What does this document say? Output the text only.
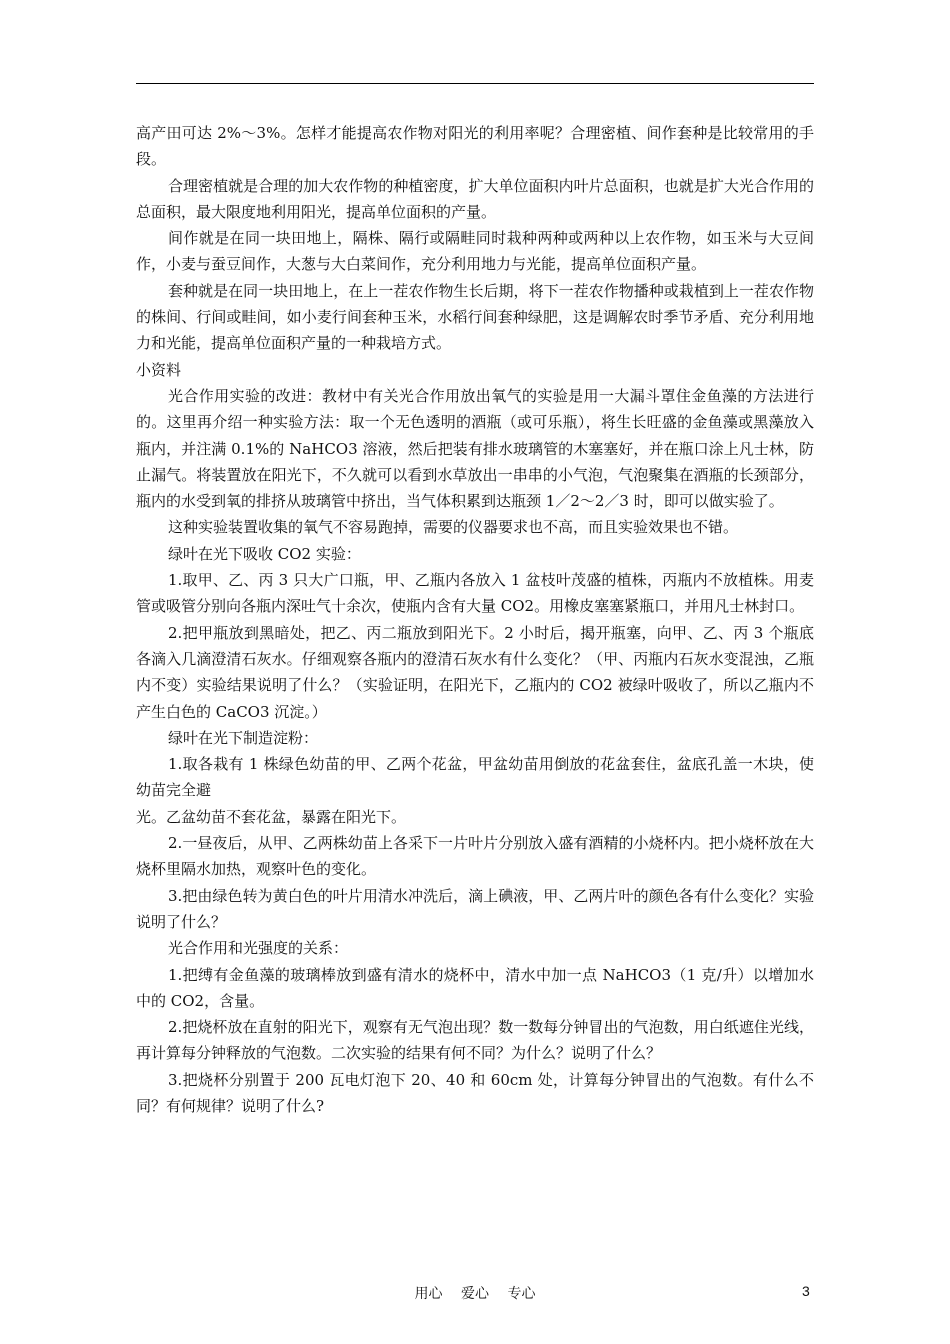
高产田可达 2%～3%。怎样才能提高农作物对阳光的利用率呢？合理密植、间作套种是比较常用的手段。

合理密植就是合理的加大农作物的种植密度，扩大单位面积内叶片总面积，也就是扩大光合作用的总面积，最大限度地利用阳光，提高单位面积的产量。

间作就是在同一块田地上，隔株、隔行或隔畦同时栽种两种或两种以上农作物，如玉米与大豆间作，小麦与蚕豆间作，大葱与大白菜间作，充分利用地力与光能，提高单位面积产量。

套种就是在同一块田地上，在上一茬农作物生长后期，将下一茬农作物播种或栽植到上一茬农作物的株间、行间或畦间，如小麦行间套种玉米，水稻行间套种绿肥，这是调解农时季节矛盾、充分利用地力和光能，提高单位面积产量的一种栽培方式。

小资料

光合作用实验的改进：教材中有关光合作用放出氧气的实验是用一大漏斗罩住金鱼藻的方法进行的。这里再介绍一种实验方法：取一个无色透明的酒瓶（或可乐瓶），将生长旺盛的金鱼藻或黑藻放入瓶内，并注满 0.1%的 NaHCO3 溶液，然后把装有排水玻璃管的木塞塞好，并在瓶口涂上凡士林，防止漏气。将装置放在阳光下，不久就可以看到水草放出一串串的小气泡，气泡聚集在酒瓶的长颈部分，瓶内的水受到氧的排挤从玻璃管中挤出，当气体积累到达瓶颈 1／2～2／3 时，即可以做实验了。

这种实验装置收集的氧气不容易跑掉，需要的仪器要求也不高，而且实验效果也不错。

绿叶在光下吸收 CO2 实验：

1.取甲、乙、丙 3 只大广口瓶，甲、乙瓶内各放入 1 盆枝叶茂盛的植株，丙瓶内不放植株。用麦管或吸管分别向各瓶内深吐气十余次，使瓶内含有大量 CO2。用橡皮塞塞紧瓶口，并用凡士林封口。

2.把甲瓶放到黑暗处，把乙、丙二瓶放到阳光下。2 小时后，揭开瓶塞，向甲、乙、丙 3 个瓶底各滴入几滴澄清石灰水。仔细观察各瓶内的澄清石灰水有什么变化？（甲、丙瓶内石灰水变混浊，乙瓶内不变）实验结果说明了什么？（实验证明，在阳光下，乙瓶内的 CO2 被绿叶吸收了，所以乙瓶内不产生白色的 CaCO3 沉淀。）

绿叶在光下制造淀粉：

1.取各栽有 1 株绿色幼苗的甲、乙两个花盆，甲盆幼苗用倒放的花盆套住，盆底孔盖一木块，使幼苗完全避

光。乙盆幼苗不套花盆，暴露在阳光下。

2.一昼夜后，从甲、乙两株幼苗上各采下一片叶片分别放入盛有酒精的小烧杯内。把小烧杯放在大烧杯里隔水加热，观察叶色的变化。

3.把由绿色转为黄白色的叶片用清水冲洗后，滴上碘液，甲、乙两片叶的颜色各有什么变化？实验说明了什么？

光合作用和光强度的关系：

1.把缚有金鱼藻的玻璃棒放到盛有清水的烧杯中，清水中加一点 NaHCO3（1 克/升）以增加水中的 CO2，含量。

2.把烧杯放在直射的阳光下，观察有无气泡出现？数一数每分钟冒出的气泡数，用白纸遮住光线，再计算每分钟释放的气泡数。二次实验的结果有何不同？为什么？说明了什么？

3.把烧杯分别置于 200 瓦电灯泡下 20、40 和 60cm 处，计算每分钟冒出的气泡数。有什么不同？有何规律？说明了什么?

用心　 爱心　 专心	3
